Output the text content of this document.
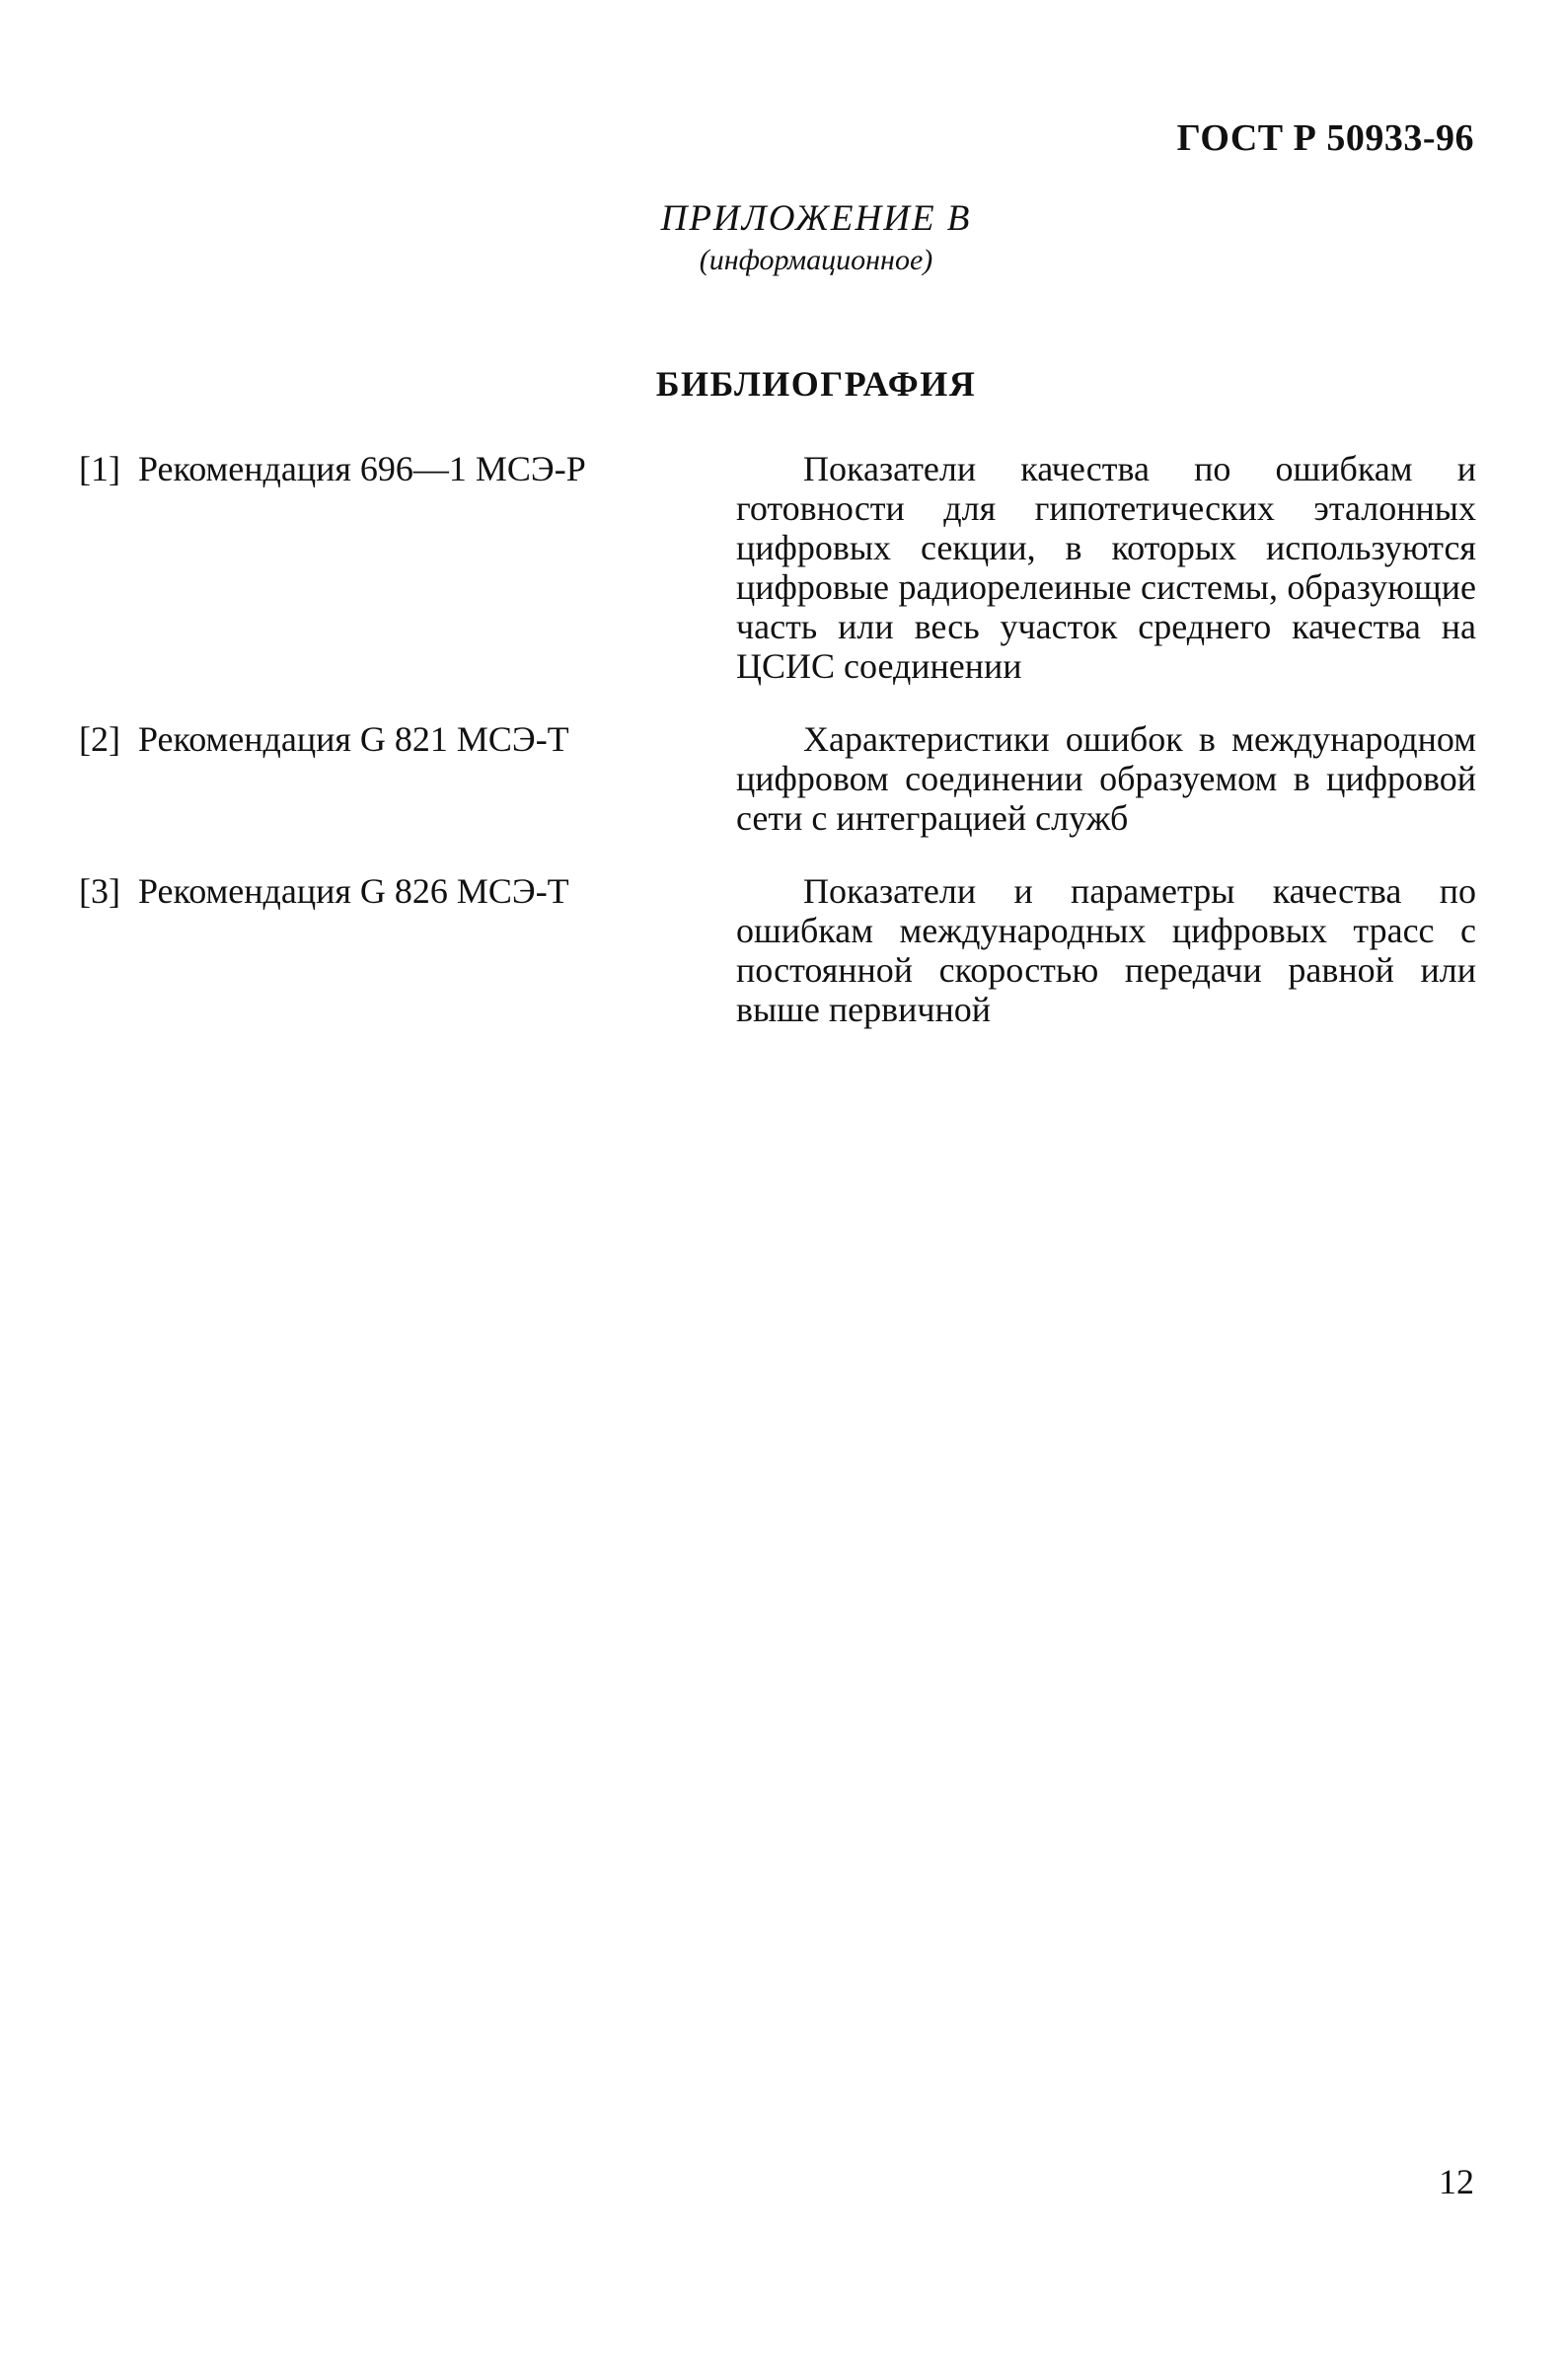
ГОСТ Р 50933-96
ПРИЛОЖЕНИЕ В
(информационное)
БИБЛИОГРАФИЯ
[1] Рекомендация 696—1 МСЭ-Р	Показатели качества по ошибкам и готовности для гипотетических эталонных цифровых секции, в которых используются цифровые радиорелеиные системы, образующие часть или весь участок среднего качества на ЦСИС соединении
[2] Рекомендация G 821 МСЭ-Т	Характеристики ошибок в международном цифровом соединении образуемом в цифровой сети с интеграцией служб
[3] Рекомендация G 826 МСЭ-Т	Показатели и параметры качества по ошибкам международных цифровых трасс с постоянной скоростью передачи равной или выше первичной
12
